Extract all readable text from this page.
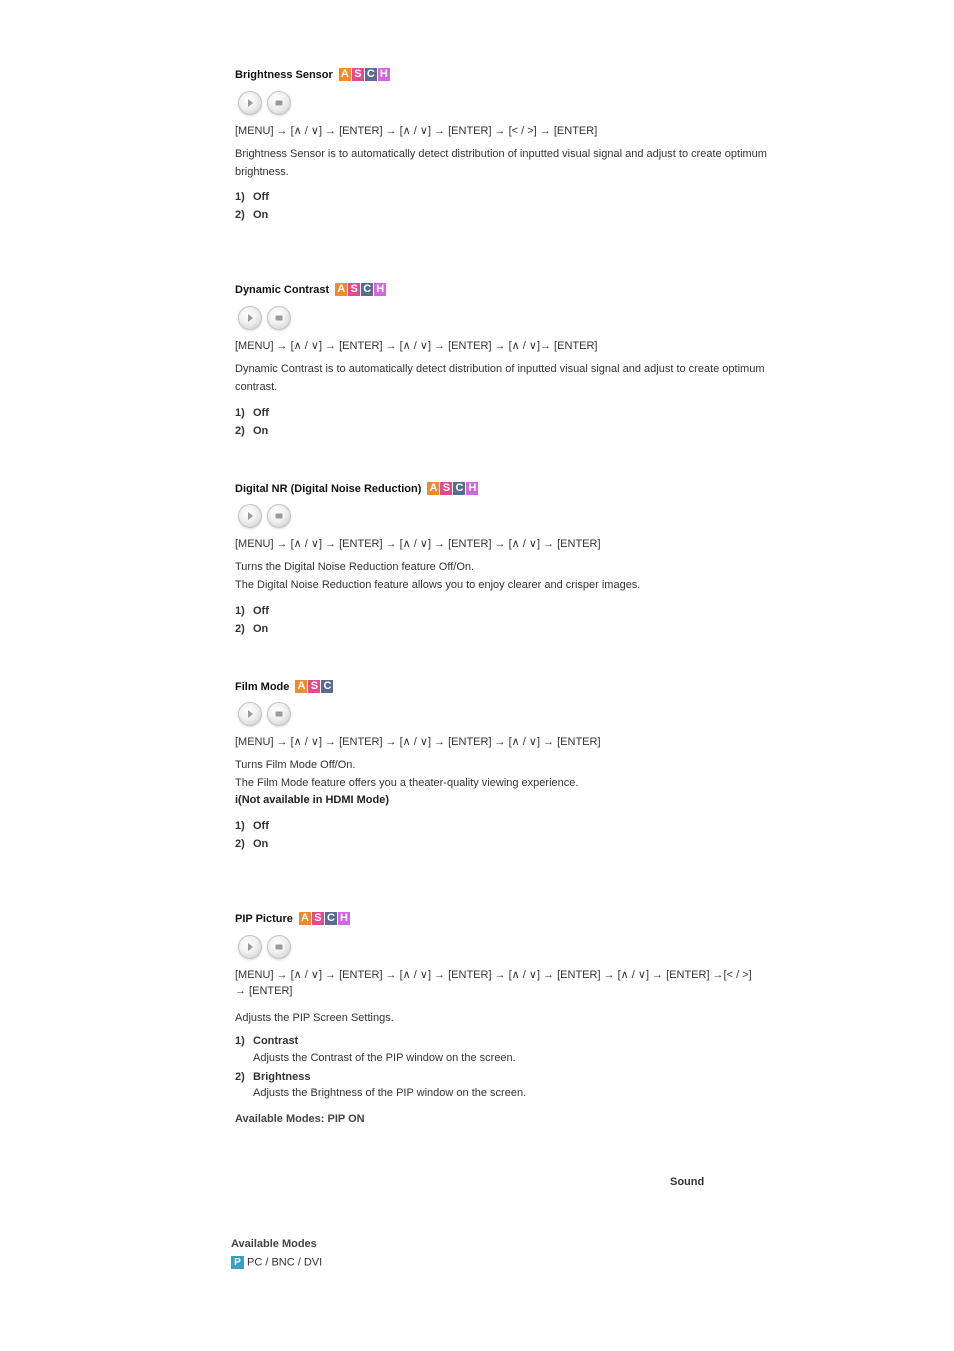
Brightness Sensor A S C H
[MENU] → [∧ / ∨] → [ENTER] → [∧ / ∨] → [ENTER] → [< / >] → [ENTER]
Brightness Sensor is to automatically detect distribution of inputted visual signal and adjust to create optimum brightness.
1) Off
2) On
Dynamic Contrast A S C H
[MENU] → [∧ / ∨] → [ENTER] → [∧ / ∨] → [ENTER] → [∧ / ∨]→ [ENTER]
Dynamic Contrast is to automatically detect distribution of inputted visual signal and adjust to create optimum contrast.
1) Off
2) On
Digital NR (Digital Noise Reduction) A S C H
[MENU] → [∧ / ∨] → [ENTER] → [∧ / ∨] → [ENTER] → [∧ / ∨] → [ENTER]
Turns the Digital Noise Reduction feature Off/On.
The Digital Noise Reduction feature allows you to enjoy clearer and crisper images.
1) Off
2) On
Film Mode A S C
[MENU] → [∧ / ∨] → [ENTER] → [∧ / ∨] → [ENTER] → [∧ / ∨] → [ENTER]
Turns Film Mode Off/On.
The Film Mode feature offers you a theater-quality viewing experience.
i(Not available in HDMI Mode)
1) Off
2) On
PIP Picture A S C H
[MENU] → [∧ / ∨] → [ENTER] → [∧ / ∨] → [ENTER] → [∧ / ∨] → [ENTER] → [∧ / ∨] → [ENTER] →[< / >]
→ [ENTER]
Adjusts the PIP Screen Settings.
1) Contrast
Adjusts the Contrast of the PIP window on the screen.
2) Brightness
Adjusts the Brightness of the PIP window on the screen.
Available Modes: PIP ON
Sound
Available Modes
P PC / BNC / DVI
